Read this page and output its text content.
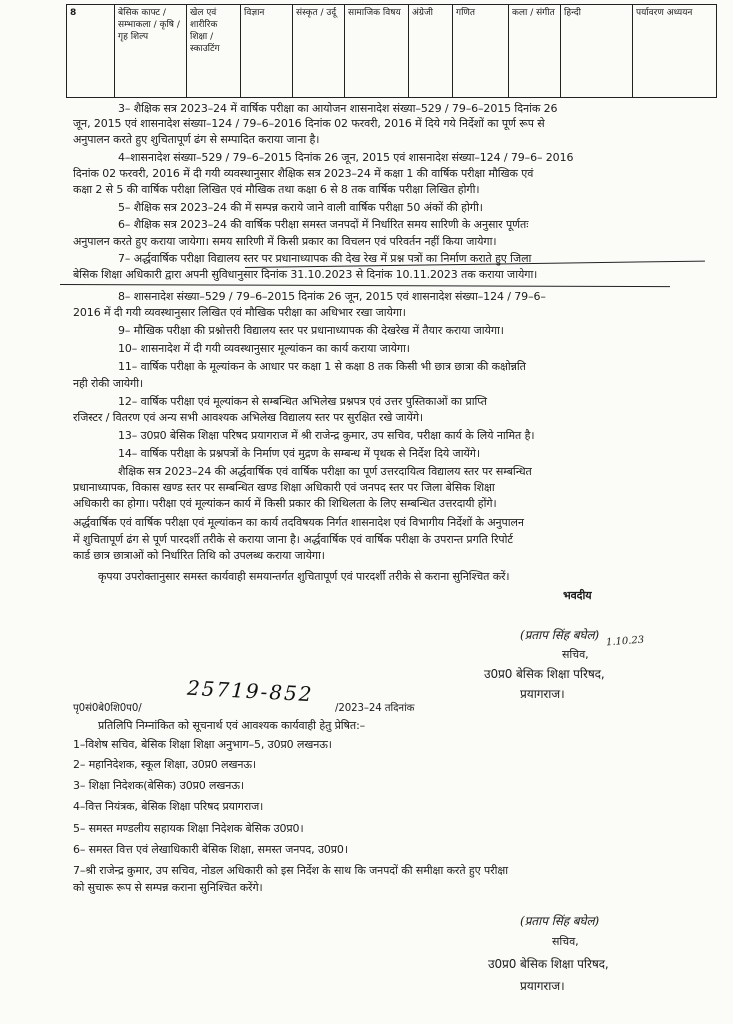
8	बेसिक काफ्ट / सम्भाकला / कृषि / गृह शिल्प	खेल एवं शारीरिक शिक्षा / स्काउटिंग	विज्ञान	संस्कृत / उर्दू	सामाजिक विषय	अंग्रेजी	गणित	कला / संगीत	हिन्दी	पर्यावरण अध्ययन
3– शैक्षिक सत्र 2023–24 में वार्षिक परीक्षा का आयोजन शासनादेश संख्या–529 / 79–6–2015 दिनांक 26
जून, 2015 एवं शासनादेश संख्या–124 / 79–6–2016 दिनांक 02 फरवरी, 2016 में दिये गये निर्देशों का पूर्ण रूप से
अनुपालन करते हुए शुचितापूर्ण ढंग से सम्पादित कराया जाना है।
4–शासनादेश संख्या–529 / 79–6–2015 दिनांक 26 जून, 2015 एवं शासनादेश संख्या–124 / 79–6– 2016
दिनांक 02 फरवरी, 2016 में दी गयी व्यवस्थानुसार शैक्षिक सत्र 2023–24 में कक्षा 1 की वार्षिक परीक्षा मौखिक एवं
कक्षा 2 से 5 की वार्षिक परीक्षा लिखित एवं मौखिक तथा कक्षा 6 से 8 तक वार्षिक परीक्षा लिखित होगी।
5– शैक्षिक सत्र 2023–24 की में सम्पन्न कराये जाने वाली वार्षिक परीक्षा 50 अंकों की होगी।
6– शैक्षिक सत्र 2023–24 की वार्षिक परीक्षा समस्त जनपदों में निर्धारित समय सारिणी के अनुसार पूर्णतः
अनुपालन करते हुए कराया जायेगा। समय सारिणी में किसी प्रकार का विचलन एवं परिवर्तन नहीं किया जायेगा।
7– अर्द्धवार्षिक परीक्षा विद्यालय स्तर पर प्रधानाध्यापक की देख रेख में प्रश्न पत्रों का निर्माण कराते हुए जिला
बेसिक शिक्षा अधिकारी द्वारा अपनी सुविधानुसार दिनांक 31.10.2023 से दिनांक 10.11.2023 तक कराया जायेगा।
8– शासनादेश संख्या–529 / 79–6–2015 दिनांक 26 जून, 2015 एवं शासनादेश संख्या–124 / 79–6–
2016 में दी गयी व्यवस्थानुसार लिखित एवं मौखिक परीक्षा का अधिभार रखा जायेगा।
9– मौखिक परीक्षा की प्रश्नोत्तरी विद्यालय स्तर पर प्रधानाध्यापक की देखरेख में तैयार कराया जायेगा।
10– शासनादेश में दी गयी व्यवस्थानुसार मूल्यांकन का कार्य कराया जायेगा।
11– वार्षिक परीक्षा के मूल्यांकन के आधार पर कक्षा 1 से कक्षा 8 तक किसी भी छात्र छात्रा की कक्षोन्नति
नही रोकी जायेगी।
12– वार्षिक परीक्षा एवं मूल्यांकन से सम्बन्धित अभिलेख प्रश्नपत्र एवं उत्तर पुस्तिकाओं का प्राप्ति
रजिस्टर / वितरण एवं अन्य सभी आवश्यक अभिलेख विद्यालय स्तर पर सुरक्षित रखे जायेंगे।
13– उ0प्र0 बेसिक शिक्षा परिषद प्रयागराज में श्री राजेन्द्र कुमार, उप सचिव, परीक्षा कार्य के लिये नामित है।
14– वार्षिक परीक्षा के प्रश्नपत्रों के निर्माण एवं मुद्रण के सम्बन्ध में पृथक से निर्देश दिये जायेंगे।
शैक्षिक सत्र 2023–24 की अर्द्धवार्षिक एवं वार्षिक परीक्षा का पूर्ण उत्तरदायित्व विद्यालय स्तर पर सम्बन्धित
प्रधानाध्यापक, विकास खण्ड स्तर पर सम्बन्धित खण्ड शिक्षा अधिकारी एवं जनपद स्तर पर जिला बेसिक शिक्षा
अधिकारी का होगा। परीक्षा एवं मूल्यांकन कार्य में किसी प्रकार की शिथिलता के लिए सम्बन्धित उत्तरदायी होंगे।
अर्द्धवार्षिक एवं वार्षिक परीक्षा एवं मूल्यांकन का कार्य तदविषयक निर्गत शासनादेश एवं विभागीय निर्देशों के अनुपालन
में शुचितापूर्ण ढंग से पूर्ण पारदर्शी तरीके से कराया जाना है। अर्द्धवार्षिक एवं वार्षिक परीक्षा के उपरान्त प्रगति रिपोर्ट
कार्ड छात्र छात्राओं को निर्धारित तिथि को उपलब्ध कराया जायेगा।
कृपया उपरोक्तानुसार समस्त कार्यवाही समयान्तर्गत शुचितापूर्ण एवं पारदर्शी तरीके से कराना सुनिश्चित करें।
भवदीय
(प्रताप सिंह बघेल) 1.10.23
सचिव,
उ0प्र0 बेसिक शिक्षा परिषद,
प्रयागराज।
पृ0सं0बे0शि0प0/
25719-852
/2023–24 तदिनांक
प्रतिलिपि निम्नांकित को सूचनार्थ एवं आवश्यक कार्यवाही हेतु प्रेषित:–
1–विशेष सचिव, बेसिक शिक्षा शिक्षा अनुभाग–5, उ0प्र0 लखनऊ।
2– महानिदेशक, स्कूल शिक्षा, उ0प्र0 लखनऊ।
3– शिक्षा निदेशक(बेसिक) उ0प्र0 लखनऊ।
4–वित्त नियंत्रक, बेसिक शिक्षा परिषद प्रयागराज।
5– समस्त मण्डलीय सहायक शिक्षा निदेशक बेसिक उ0प्र0।
6– समस्त वित्त एवं लेखाधिकारी बेसिक शिक्षा, समस्त जनपद, उ0प्र0।
7–श्री राजेन्द्र कुमार, उप सचिव, नोडल अधिकारी को इस निर्देश के साथ कि जनपदों की समीक्षा करते हुए परीक्षा
को सुचारू रूप से सम्पन्न कराना सुनिश्चित करेंगे।
(प्रताप सिंह बघेल)
सचिव,
उ0प्र0 बेसिक शिक्षा परिषद,
प्रयागराज।
